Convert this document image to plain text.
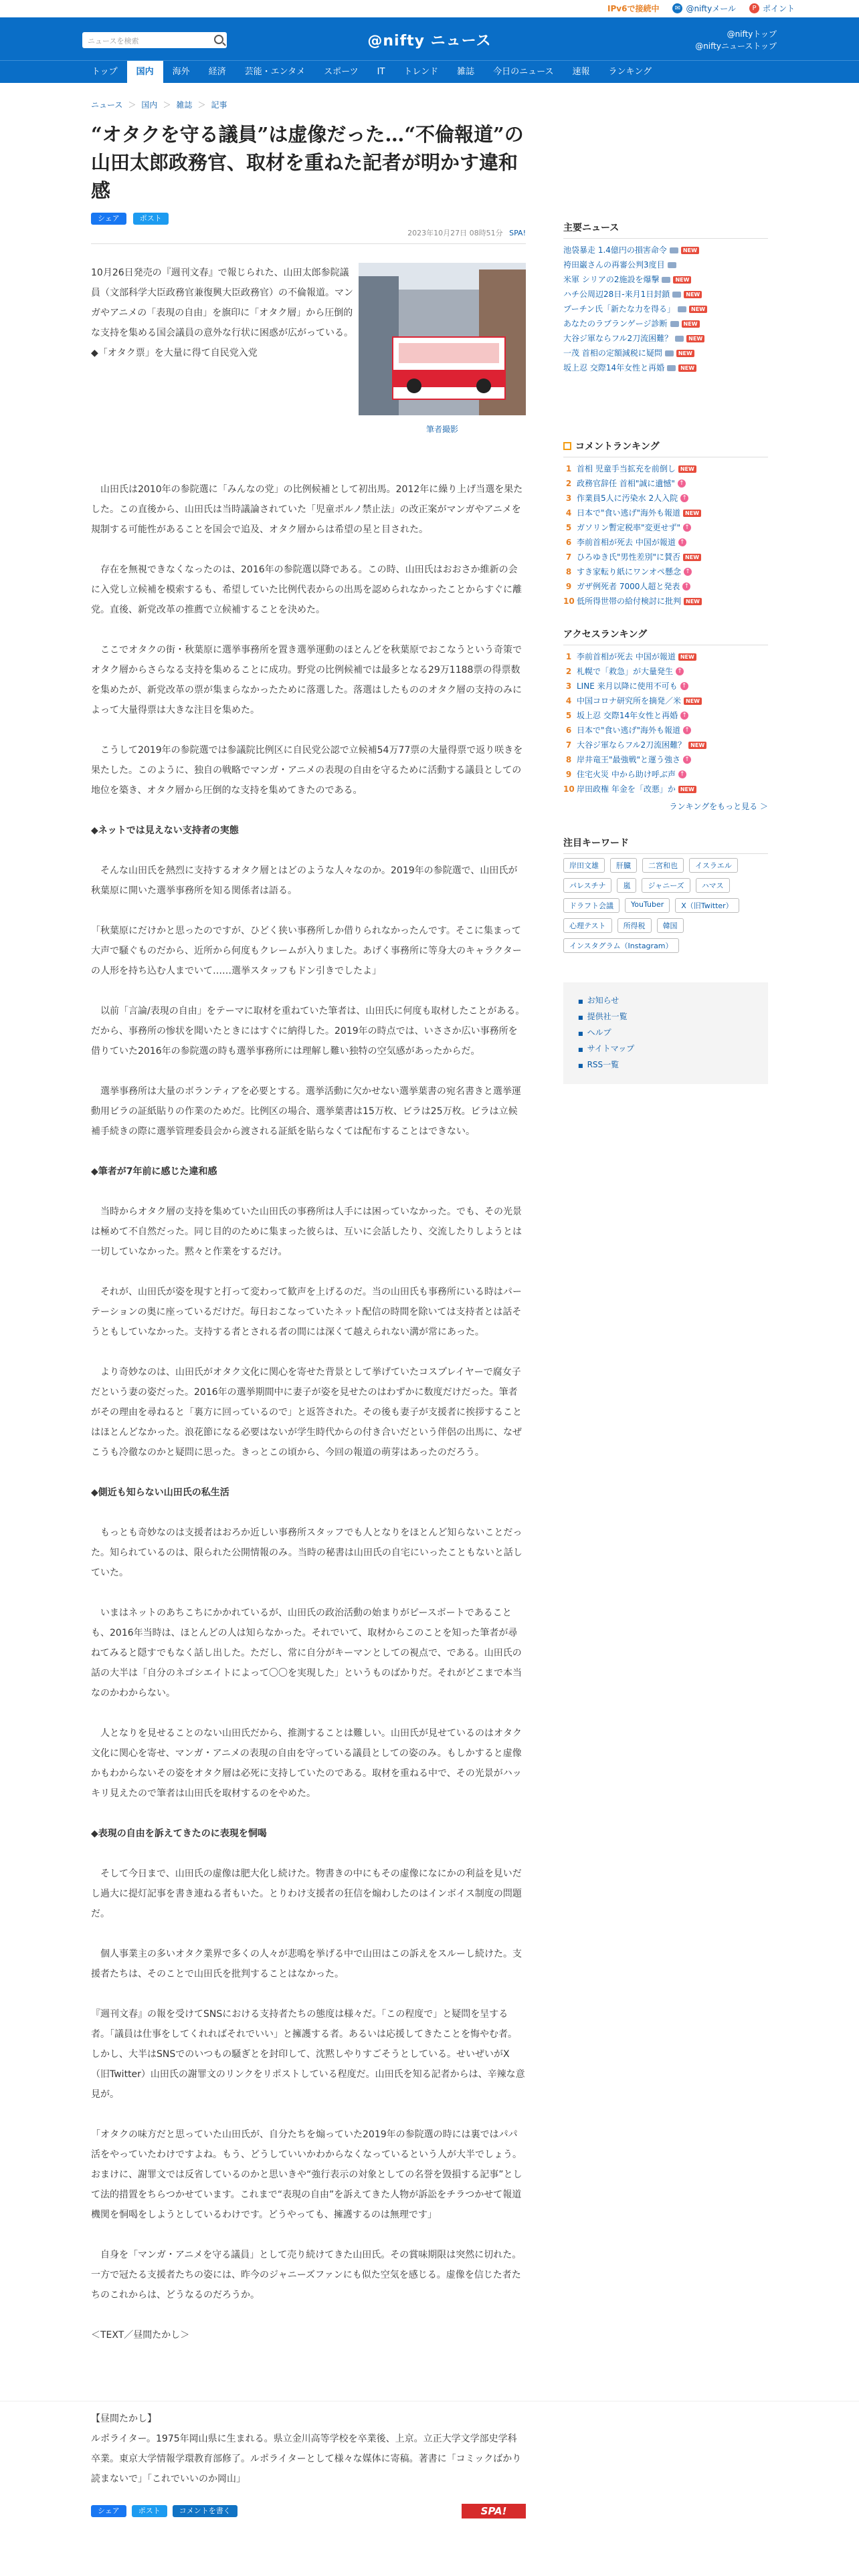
IPv6で接続中	✉ @niftyメール	P ポイント
ニュースを検索	@nifty ニュース	@niftyトップ
@niftyニューストップ
トップ	国内	海外	経済	芸能・エンタメ	スポーツ	IT	トレンド	雑誌	今日のニュース	速報	ランキング
ニュース ＞ 国内 ＞ 雑誌 ＞ 記事
“オタクを守る議員”は虚像だった…“不倫報道”の山田太郎政務官、取材を重ねた記者が明かす違和感
シェア	ポスト
2023年10月27日 08時51分 SPA!

10月26日発売の『週刊文春』で報じられた、山田太郎参院議員（文部科学大臣政務官兼復興大臣政務官）の不倫報道。マンガやアニメの「表現の自由」を旗印に「オタク層」から圧倒的な支持を集める国会議員の意外な行状に困惑が広がっている。

◆「オタク票」を大量に得て自民党入党

筆者撮影

　山田氏は2010年の参院選に「みんなの党」の比例候補として初出馬。2012年に繰り上げ当選を果たした。この直後から、山田氏は当時議論されていた「児童ポルノ禁止法」の改正案がマンガやアニメを規制する可能性があることを国会で追及、オタク層からは希望の星と目された。

　存在を無視できなくなったのは、2016年の参院選以降である。この時、山田氏はおおさか維新の会に入党し立候補を模索するも、希望していた比例代表からの出馬を認められなかったことからすぐに離党。直後、新党改革の推薦で立候補することを決めた。

　ここでオタクの街・秋葉原に選挙事務所を置き選挙運動のほとんどを秋葉原でおこなうという奇策でオタク層からさらなる支持を集めることに成功。野党の比例候補では最多となる29万1188票の得票数を集めたが、新党改革の票が集まらなかったために落選した。落選はしたもののオタク層の支持のみによって大量得票は大きな注目を集めた。

　こうして2019年の参院選では参議院比例区に自民党公認で立候補54万77票の大量得票で返り咲きを果たした。このように、独自の戦略でマンガ・アニメの表現の自由を守るために活動する議員としての地位を築き、オタク層から圧倒的な支持を集めてきたのである。

◆ネットでは見えない支持者の実態

　そんな山田氏を熱烈に支持するオタク層とはどのような人々なのか。2019年の参院選で、山田氏が秋葉原に開いた選挙事務所を知る関係者は語る。

「秋葉原にだけかと思ったのですが、ひどく狭い事務所しか借りられなかったんです。そこに集まって大声で騒ぐものだから、近所から何度もクレームが入りました。あげく事務所に等身大のキャラクターの人形を持ち込む人までいて……選挙スタッフもドン引きでしたよ」

　以前「言論/表現の自由」をテーマに取材を重ねていた筆者は、山田氏に何度も取材したことがある。だから、事務所の惨状を聞いたときにはすぐに納得した。2019年の時点では、いささか広い事務所を借りていた2016年の参院選の時も選挙事務所には理解し難い独特の空気感があったからだ。

　選挙事務所は大量のボランティアを必要とする。選挙活動に欠かせない選挙葉書の宛名書きと選挙運動用ビラの証紙貼りの作業のためだ。比例区の場合、選挙葉書は15万枚、ビラは25万枚。ビラは立候補手続きの際に選挙管理委員会から渡される証紙を貼らなくては配布することはできない。

◆筆者が7年前に感じた違和感

　当時からオタク層の支持を集めていた山田氏の事務所は人手には困っていなかった。でも、その光景は極めて不自然だった。同じ目的のために集まった彼らは、互いに会話したり、交流したりしようとは一切していなかった。黙々と作業をするだけ。

　それが、山田氏が姿を現すと打って変わって歓声を上げるのだ。当の山田氏も事務所にいる時はパーテーションの奥に座っているだけだ。毎日おこなっていたネット配信の時間を除いては支持者とは話そうともしていなかった。支持する者とされる者の間には深くて越えられない溝が常にあった。

　より奇妙なのは、山田氏がオタク文化に関心を寄せた背景として挙げていたコスプレイヤーで腐女子だという妻の姿だった。2016年の選挙期間中に妻子が姿を見せたのはわずかに数度だけだった。筆者がその理由を尋ねると「裏方に回っているので」と返答された。その後も妻子が支援者に挨拶することはほとんどなかった。浪花節になる必要はないが学生時代からの付き合いだという伴侶の出馬に、なぜこうも冷徹なのかと疑問に思った。きっとこの頃から、今回の報道の萌芽はあったのだろう。

◆側近も知らない山田氏の私生活

　もっとも奇妙なのは支援者はおろか近しい事務所スタッフでも人となりをほとんど知らないことだった。知られているのは、限られた公開情報のみ。当時の秘書は山田氏の自宅にいったこともないと話していた。

　いまはネットのあちこちにかかれているが、山田氏の政治活動の始まりがピースボートであることも、2016年当時は、ほとんどの人は知らなかった。それでいて、取材からこのことを知った筆者が尋ねてみると隠すでもなく話し出した。ただし、常に自分がキーマンとしての視点で、である。山田氏の話の大半は「自分のネゴシエイトによって〇〇を実現した」というものばかりだ。それがどこまで本当なのかわからない。

　人となりを見せることのない山田氏だから、推測することは難しい。山田氏が見せているのはオタク文化に関心を寄せ、マンガ・アニメの表現の自由を守っている議員としての姿のみ。もしかすると虚像かもわからないその姿をオタク層は必死に支持していたのである。取材を重ねる中で、その光景がハッキリ見えたので筆者は山田氏を取材するのをやめた。

◆表現の自由を訴えてきたのに表現を恫喝

　そして今日まで、山田氏の虚像は肥大化し続けた。物書きの中にもその虚像になにかの利益を見いだし過大に提灯記事を書き連ねる者もいた。とりわけ支援者の狂信を煽わしたのはインボイス制度の問題だ。

　個人事業主の多いオタク業界で多くの人々が悲鳴を挙げる中で山田はこの訴えをスルーし続けた。支援者たちは、そのことで山田氏を批判することはなかった。

『週刊文春』の報を受けてSNSにおける支持者たちの態度は様々だ。「この程度で」と疑問を呈する者。「議員は仕事をしてくれればそれでいい」と擁護する者。あるいは応援してきたことを悔やむ者。しかし、大半はSNSでのいつもの騒ぎとを封印して、沈黙しやりすごそうとしている。せいぜいがX（旧Twitter）山田氏の謝罪文のリンクをリポストしている程度だ。山田氏を知る記者からは、辛辣な意見が。

「オタクの味方だと思っていた山田氏が、自分たちを煽っていた2019年の参院選の時には裏ではパパ活をやっていたわけですよね。もう、どうしていいかわからなくなっているという人が大半でしょう。おまけに、謝罪文では反省しているのかと思いきや“強行表示の対象としての名誉を毀損する記事”として法的措置をちらつかせています。これまで“表現の自由”を訴えてきた人物が訴訟をチラつかせて報道機関を恫喝をしようとしているわけです。どうやっても、擁護するのは無理です」

　自身を「マンガ・アニメを守る議員」として売り続けてきた山田氏。その賞味期限は突然に切れた。一方で冠たる支援者たちの姿には、昨今のジャニーズファンにも似た空気を感じる。虚像を信じた者たちのこれからは、どうなるのだろうか。

＜TEXT／昼間たかし＞

【昼間たかし】

ルポライター。1975年岡山県に生まれる。県立金川高等学校を卒業後、上京。立正大学文学部史学科卒業。東京大学情報学環教育部修了。ルポライターとして様々な媒体に寄稿。著書に「コミックばかり読まないで」「これでいいのか岡山」

シェア	ポスト	コメントを書く	SPA!
主要ニュース
池袋暴走 1.4億円の損害命令	NEW
袴田巌さんの再審公判3度目
米軍 シリアの2施設を爆撃	NEW
ハチ公周辺28日-来月1日封鎖	NEW
プーチン氏「新たな力を得る」	NEW
あなたのラブランゲージ診断	NEW
大谷ジ軍ならフル2刀流困難？	NEW
一茂 首相の定額減税に疑問	NEW
坂上忍 交際14年女性と再婚	NEW
コメントランキング
1 首相 児童手当拡充を前倒し NEW
2 政務官辞任 首相"誠に遺憾" ↑
3 作業員5人に汚染水 2人入院 ↑
4 日本で"食い逃げ"海外も報道 NEW
5 ガソリン暫定税率"変更せず" ↑
6 李前首相が死去 中国が報道 ↑
7 ひろゆき氏"男性差別"に賛否 NEW
8 すき家転り紙にワンオペ懸念 ↑
9 ガザ例死者 7000人超と発表 ↑
10 低所得世帯の給付検討に批判 NEW
アクセスランキング
1 李前首相が死去 中国が報道 NEW
2 札幌で「救急」が大量発生 ↑
3 LINE 来月以降に使用不可も ↑
4 中国コロナ研究所を摘発／米 NEW
5 坂上忍 交際14年女性と再婚 ↑
6 日本で"食い逃げ"海外も報道 ↑
7 大谷ジ軍ならフル2刀流困難？ NEW
8 岸井竜王"最強戦"と運う強さ ↑
9 住宅火災 中から助け呼ぶ声 ↑
10 岸田政権 年金を「改悪」か NEW
ランキングをもっと見る ＞
注目キーワード
岸田文雄	肝臓	二宮和也	イスラエル
パレスチナ	嵐	ジャニーズ	ハマス
ドラフト会議	YouTuber	X（旧Twitter）
心理テスト	所得税	韓国
インスタグラム（Instagram）
■ お知らせ
■ 提供社一覧
■ ヘルプ
■ サイトマップ
■ RSS一覧
